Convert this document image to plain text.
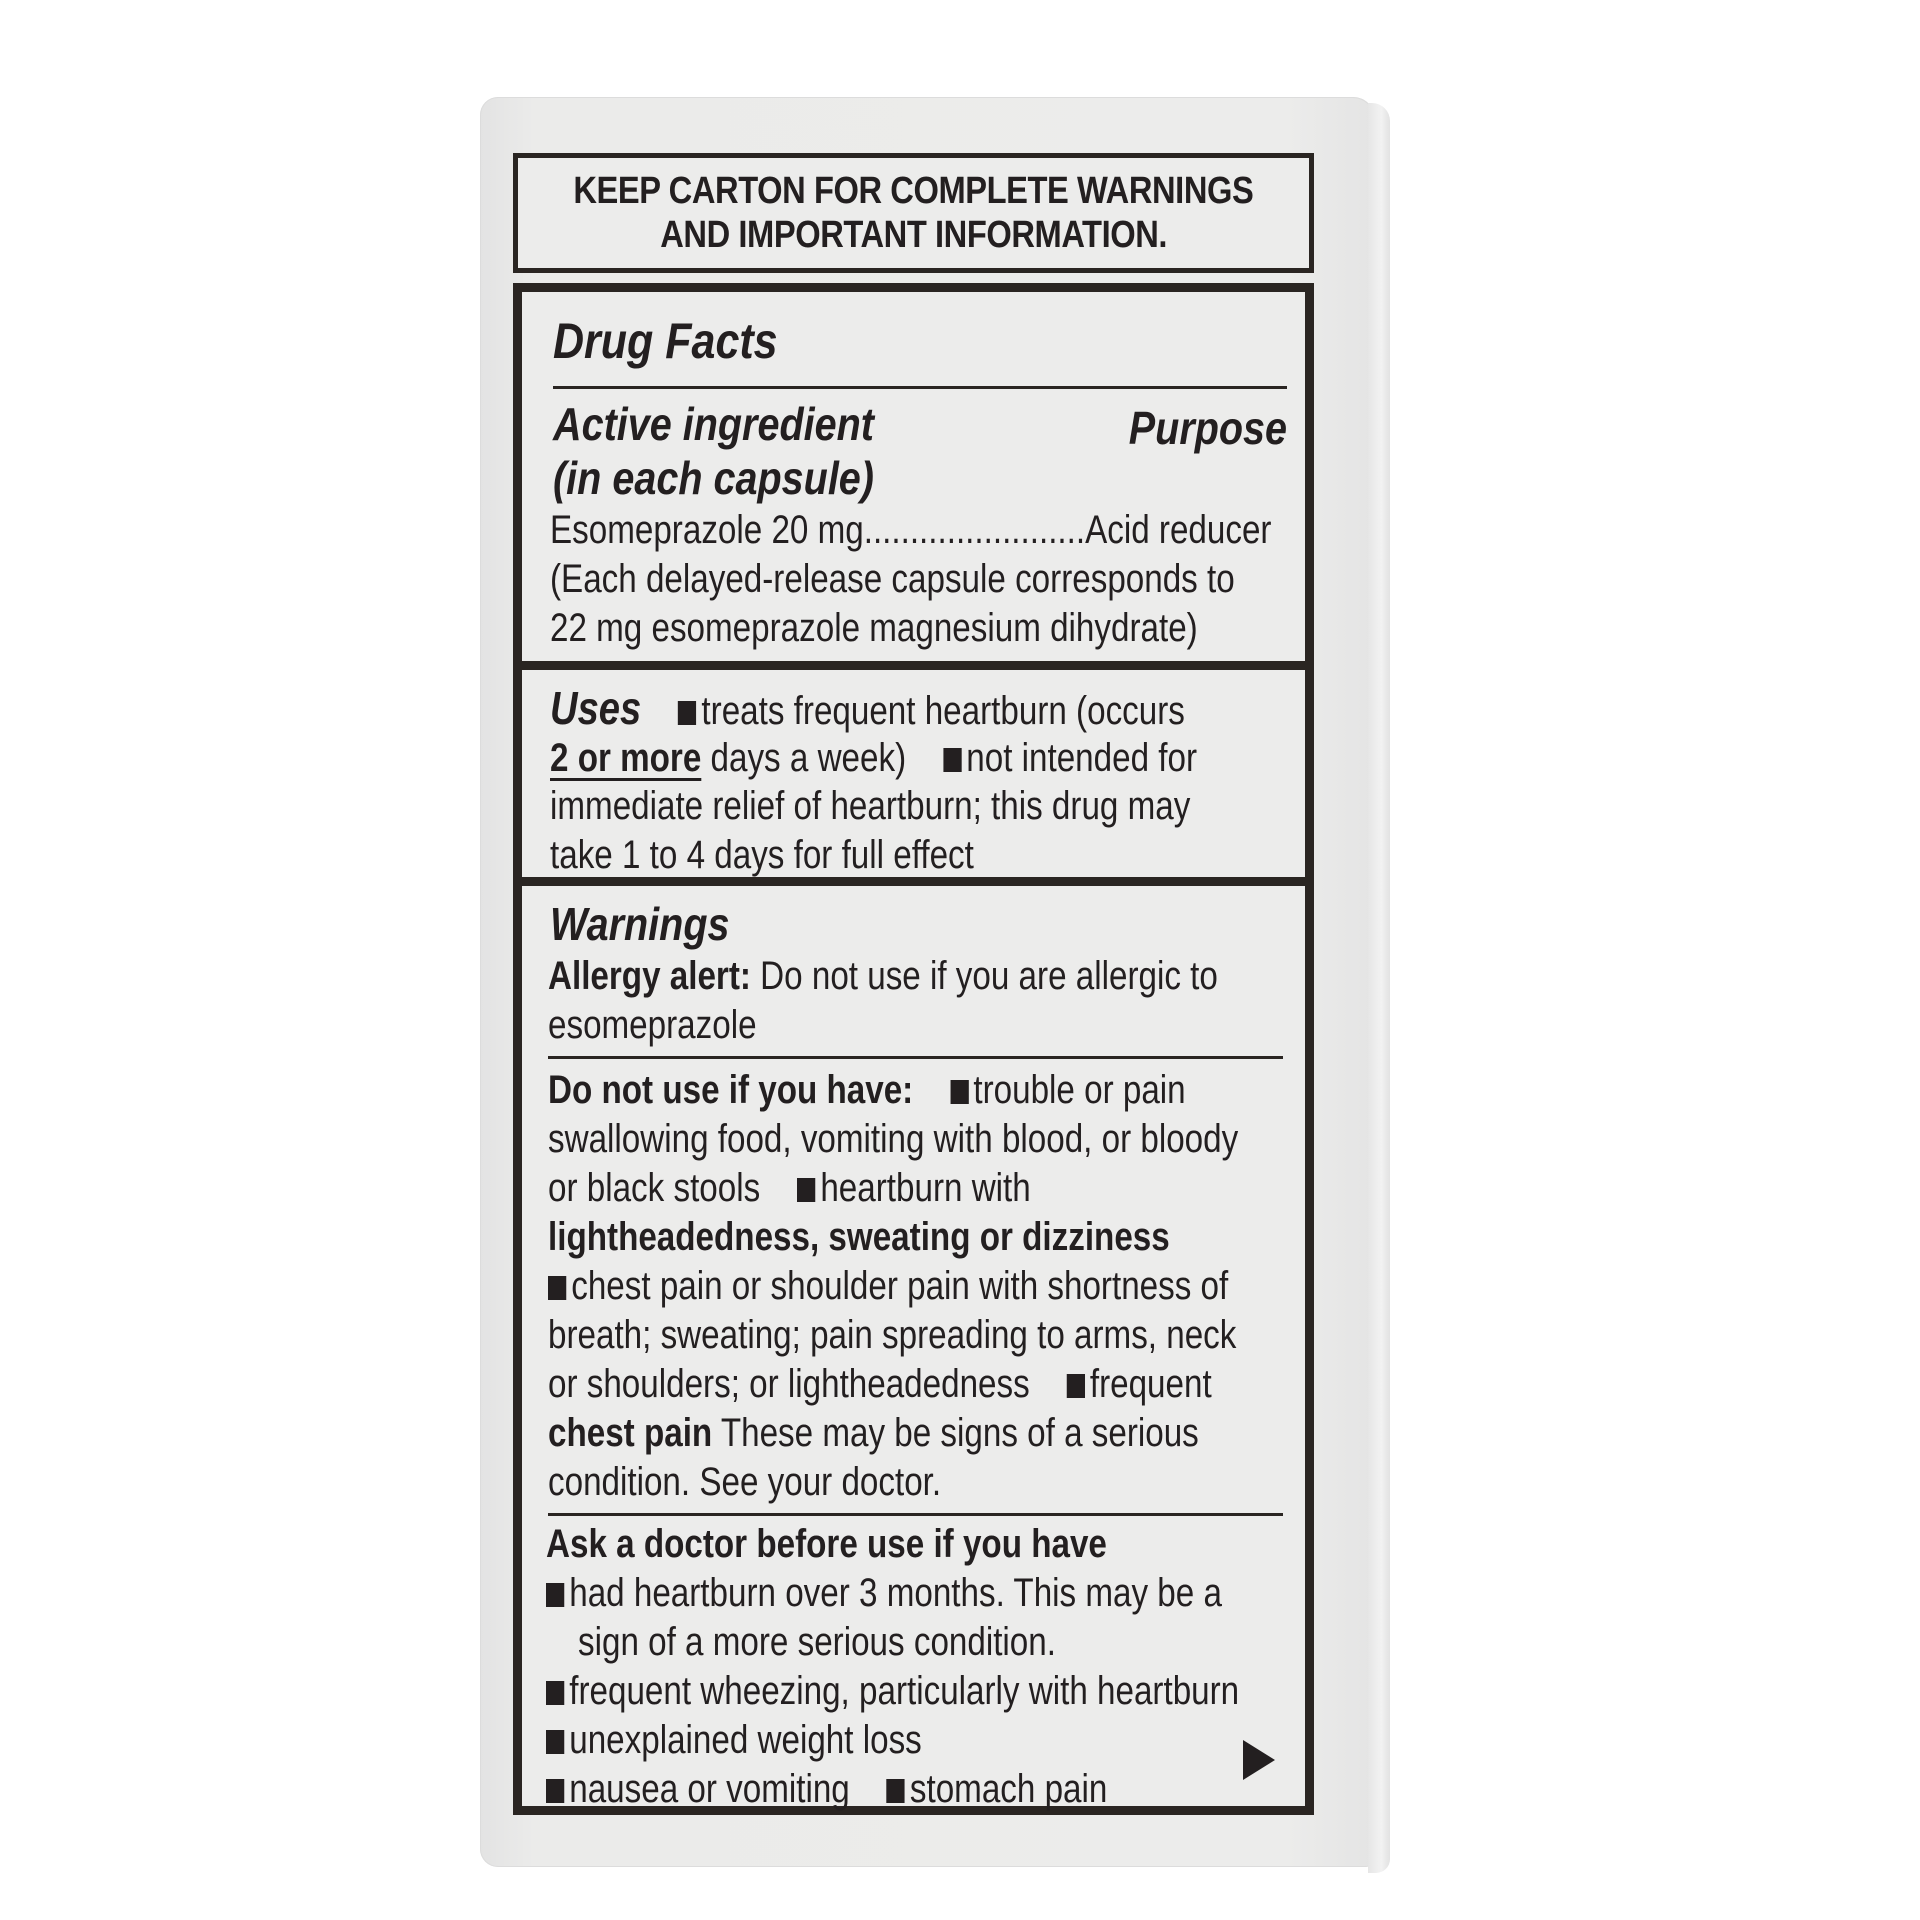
KEEP CARTON FOR COMPLETE WARNINGS
AND IMPORTANT INFORMATION.
Drug Facts
Active ingredient	Purpose
(in each capsule)
Esomeprazole 20 mg........................Acid reducer
(Each delayed-release capsule corresponds to
22 mg esomeprazole magnesium dihydrate)
Uses treats frequent heartburn (occurs
2 or more days a week) not intended for
immediate relief of heartburn; this drug may
take 1 to 4 days for full effect
Warnings
Allergy alert: Do not use if you are allergic to
esomeprazole
Do not use if you have: trouble or pain
swallowing food, vomiting with blood, or bloody
or black stools heartburn with
lightheadedness, sweating or dizziness
chest pain or shoulder pain with shortness of
breath; sweating; pain spreading to arms, neck
or shoulders; or lightheadedness frequent
chest pain These may be signs of a serious
condition. See your doctor.
Ask a doctor before use if you have
had heartburn over 3 months. This may be a
sign of a more serious condition.
frequent wheezing, particularly with heartburn
unexplained weight loss
nausea or vomiting stomach pain
